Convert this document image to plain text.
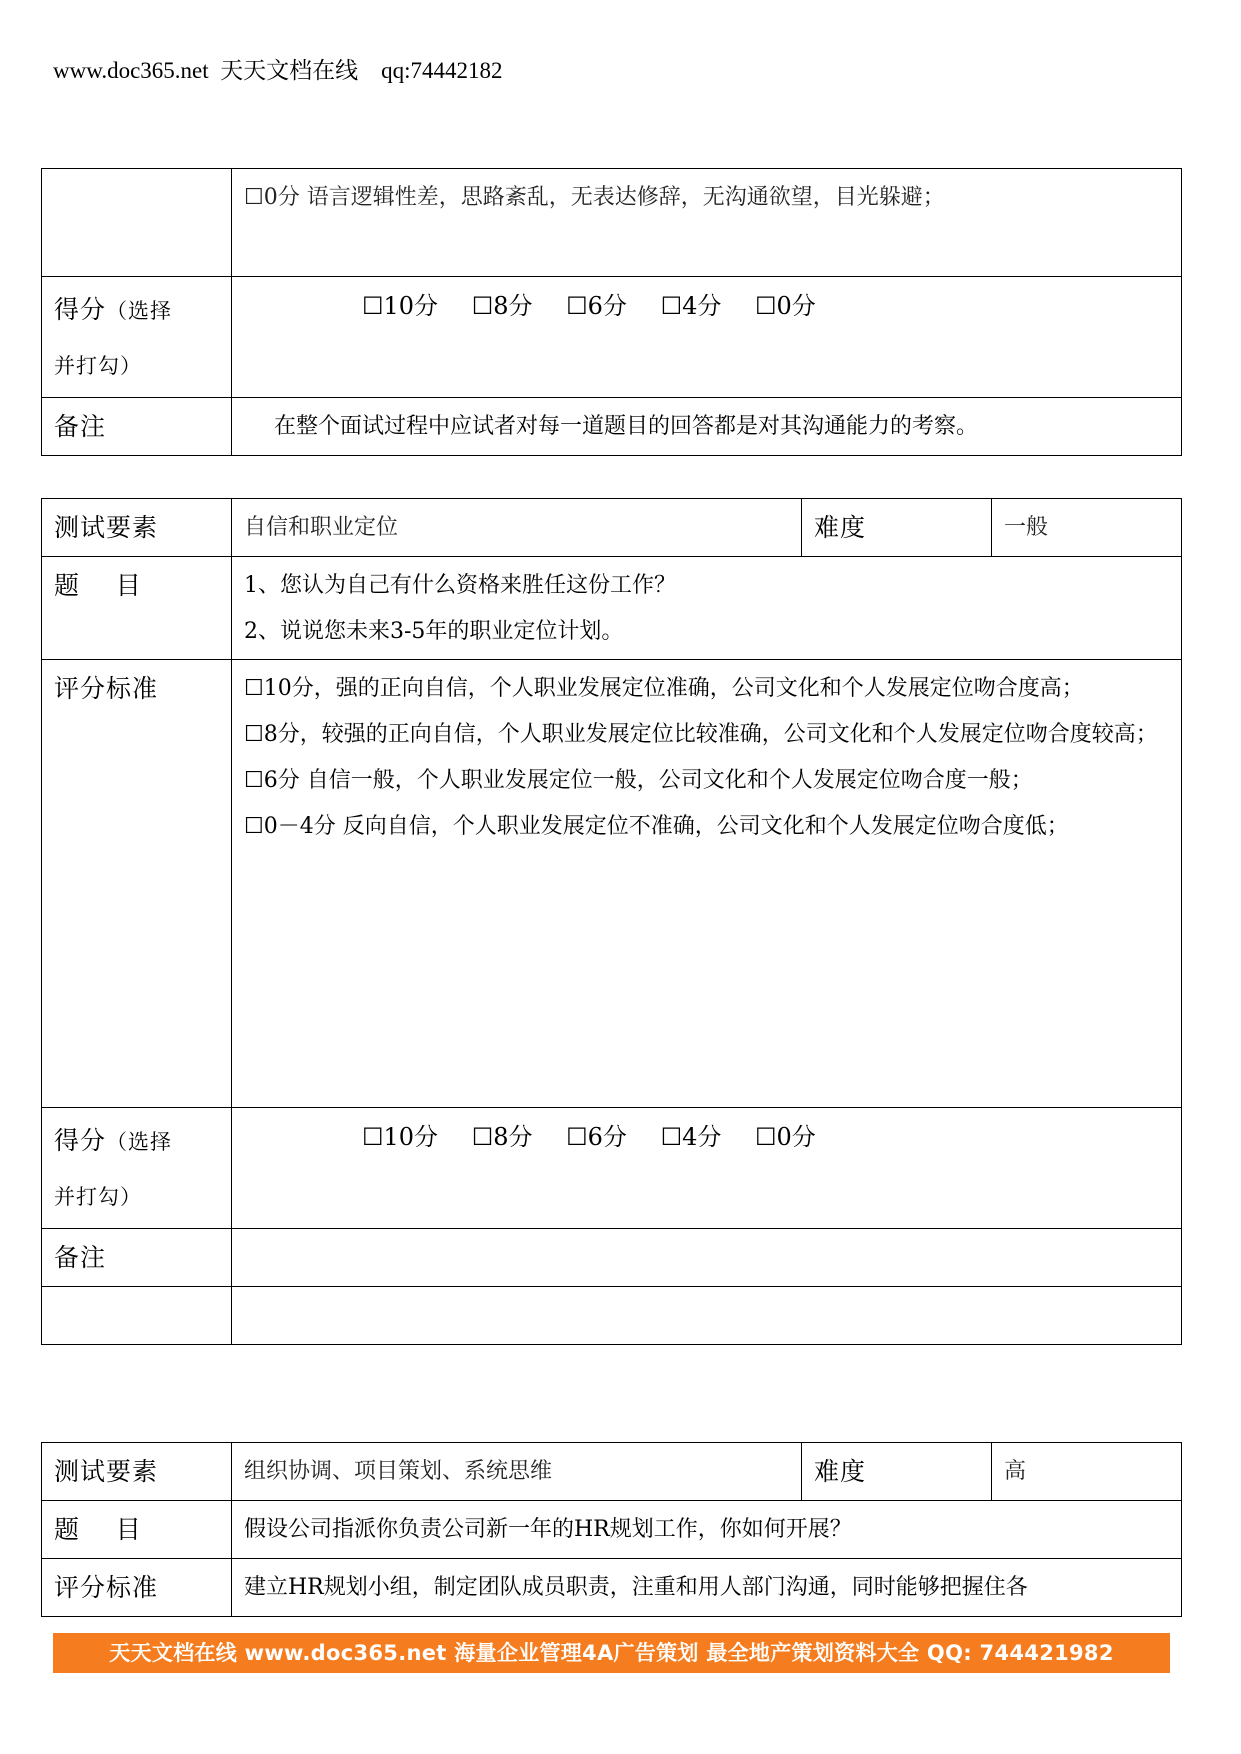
www.doc365.net  天天文档在线    qq:74442182
	☐0分 语言逻辑性差，思路紊乱，无表达修辞，无沟通欲望，目光躲避；
得分（选择
并打勾）	☐10分 ☐8分 ☐6分 ☐4分 ☐0分
备注	在整个面试过程中应试者对每一道题目的回答都是对其沟通能力的考察。
测试要素	自信和职业定位	难度	一般
题    目	1、您认为自己有什么资格来胜任这份工作？
2、说说您未来3-5年的职业定位计划。		

评分标准	☐10分，强的正向自信，个人职业发展定位准确，公司文化和个人发展定位吻合度高；
☐8分，较强的正向自信，个人职业发展定位比较准确，公司文化和个人发展定位吻合度较高；
☐6分 自信一般，个人职业发展定位一般，公司文化和个人发展定位吻合度一般；
☐0－4分 反向自信，个人职业发展定位不准确，公司文化和个人发展定位吻合度低；		

得分（选择
并打勾）	☐10分 ☐8分 ☐6分 ☐4分 ☐0分		
备注			

测试要素	组织协调、项目策划、系统思维	难度	高
题    目	假设公司指派你负责公司新一年的HR规划工作，你如何开展？		
评分标准	建立HR规划小组，制定团队成员职责，注重和用人部门沟通，同时能够把握住各		
天天文档在线 www.doc365.net 海量企业管理4A广告策划 最全地产策划资料大全 QQ: 744421982
